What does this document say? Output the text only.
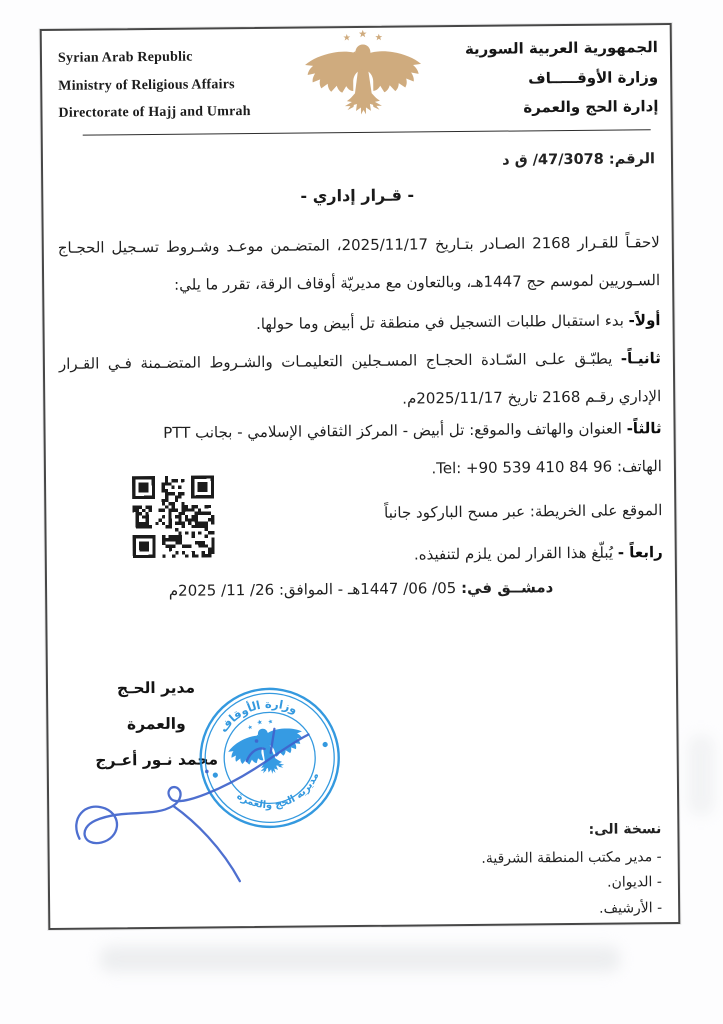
Syrian Arab Republic
Ministry of Religious Affairs
Directorate of Hajj and Umrah
الجمهورية العربية السورية
وزارة الأوقـــــاف
إدارة الحج والعمرة
الرقم: 47/3078/ ق د
- قـرار إداري -
لاحقـاً للقـرار 2168 الصـادر بتـاريخ 2025/11/17، المتضـمن موعـد وشـروط تسـجيل الحجـاج السـوريين لموسم حج 1447هـ، وبالتعاون مع مديريّة أوقاف الرقة، تقرر ما يلي:
أولاً- بدء استقبال طلبات التسجيل في منطقة تل أبيض وما حولها.
ثانيـاً- يطبّـق علـى السّـادة الحجـاج المسـجلين التعليمـات والشـروط المتضـمنة فـي القـرار الإداري رقـم 2168 تاريخ 2025/11/17م.
ثالثاً- العنوان والهاتف والموقع: تل أبيض - المركز الثقافي الإسلامي - بجانب PTT
الهاتف: Tel: +90 539 410 84 96.
الموقع على الخريطة: عبر مسح الباركود جانباً
رابعاً - يُبلّغ هذا القرار لمن يلزم لتنفيذه.
دمشــق في: 05/ 06/ 1447هـ - الموافق: 26/ 11/ 2025م
مدير الحـج والعمرة
محمد نـور أعـرج
وزارة الأوقاف
مديرية الحج والعمرة
نسخة الى:
- مدير مكتب المنطقة الشرقية.
- الديوان.
- الأرشيف.
